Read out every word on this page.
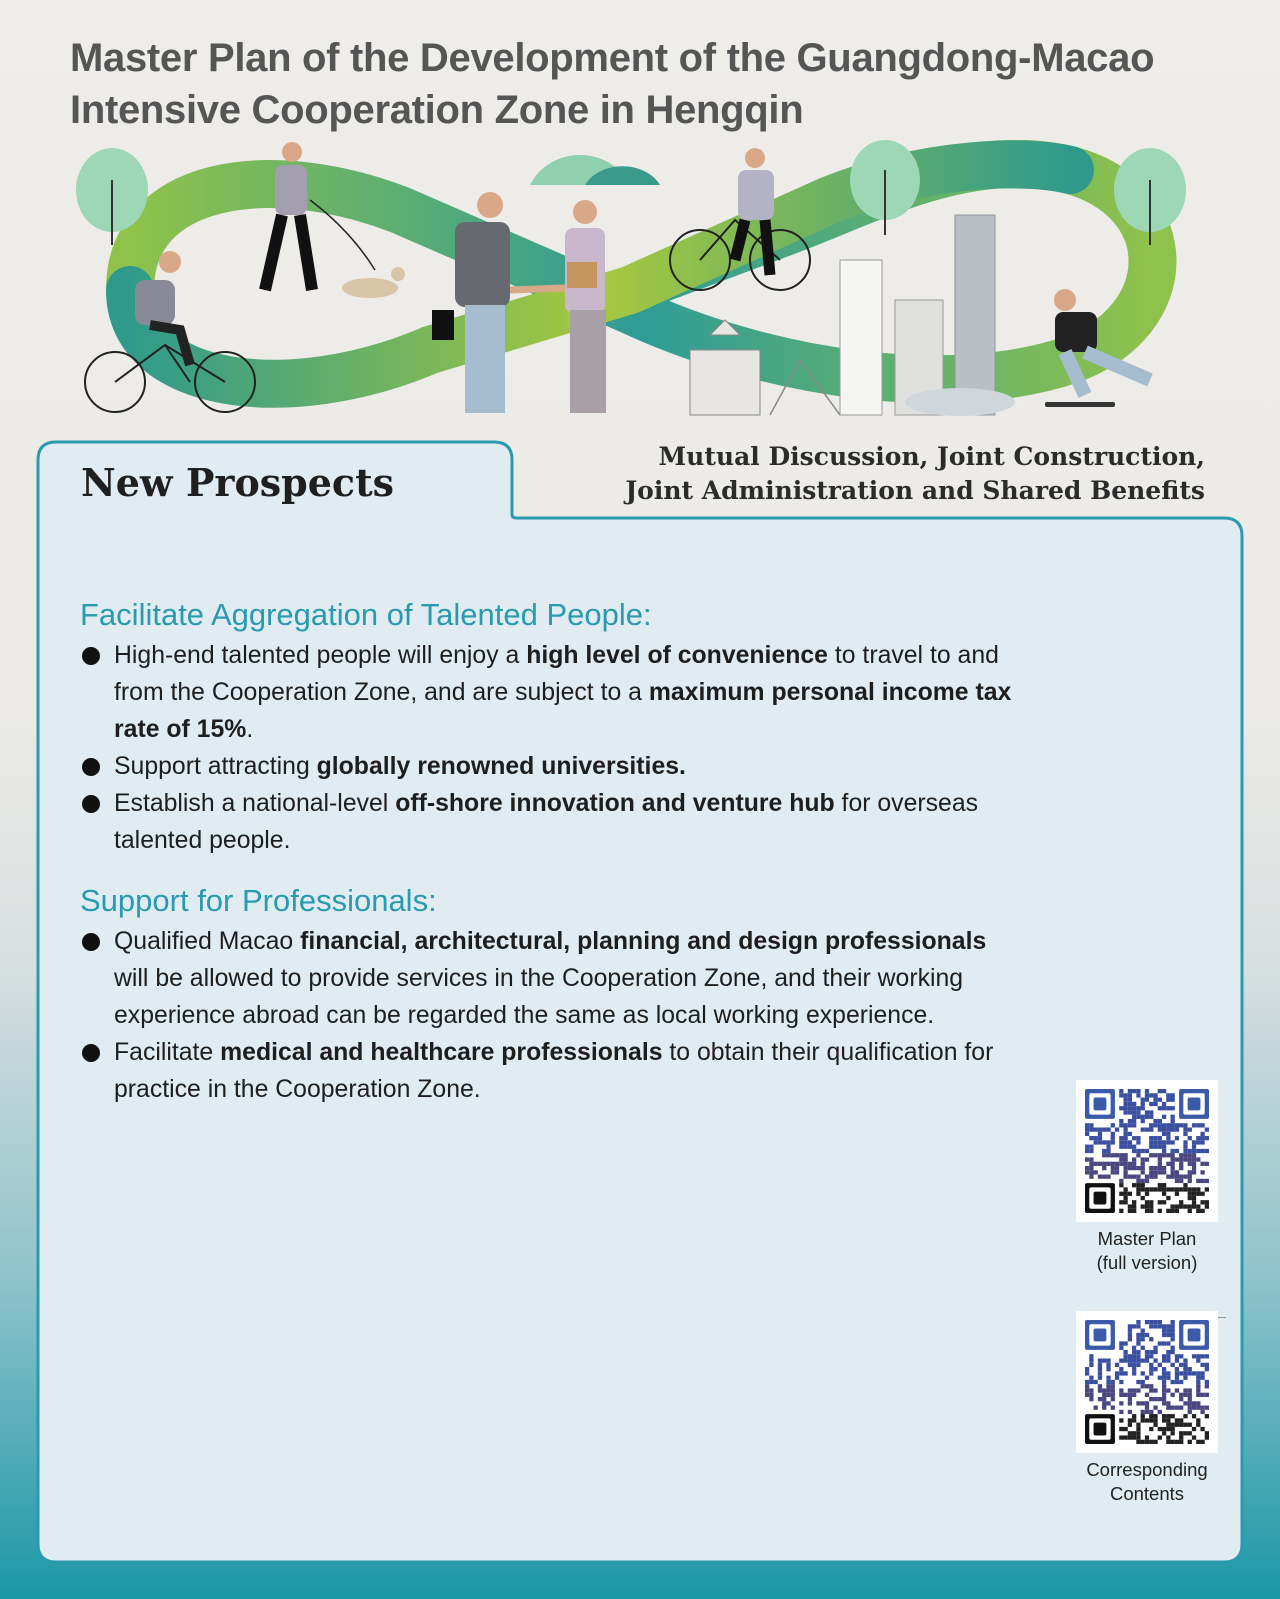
Master Plan of the Development of the Guangdong-Macao
Intensive Cooperation Zone in Hengqin
New Prospects
Facilitate Aggregation of Talented People:
High-end talented people will enjoy a high level of convenience to travel to and from the Cooperation Zone, and are subject to a maximum personal income tax rate of 15%.
Support attracting globally renowned universities.
Establish a national-level off-shore innovation and venture hub for overseas talented people.
Support for Professionals:
Qualified Macao financial, architectural, planning and design professionals will be allowed to provide services in the Cooperation Zone, and their working experience abroad can be regarded the same as local working experience.
Facilitate medical and healthcare professionals to obtain their qualification for practice in the Cooperation Zone.
Mutual Discussion, Joint Construction,
Joint Administration and Shared Benefits
Master Plan
(full version)
Corresponding
Contents
